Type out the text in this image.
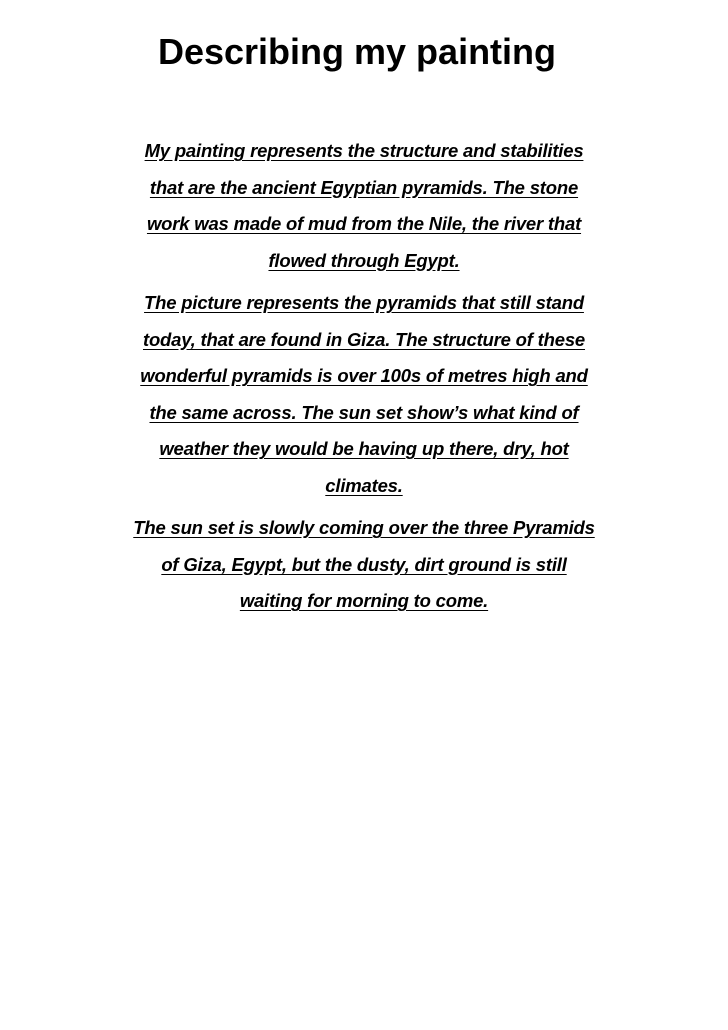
Describing my painting

My painting represents the structure and stabilities
that are the ancient Egyptian pyramids. The stone
work was made of mud from the Nile, the river that
flowed through Egypt.

The picture represents the pyramids that still stand
today, that are found in Giza. The structure of these
wonderful pyramids is over 100s of metres high and
the same across. The sun set show’s what kind of
weather they would be having up there, dry, hot
climates.

The sun set is slowly coming over the three Pyramids
of Giza, Egypt, but the dusty, dirt ground is still
waiting for morning to come.
